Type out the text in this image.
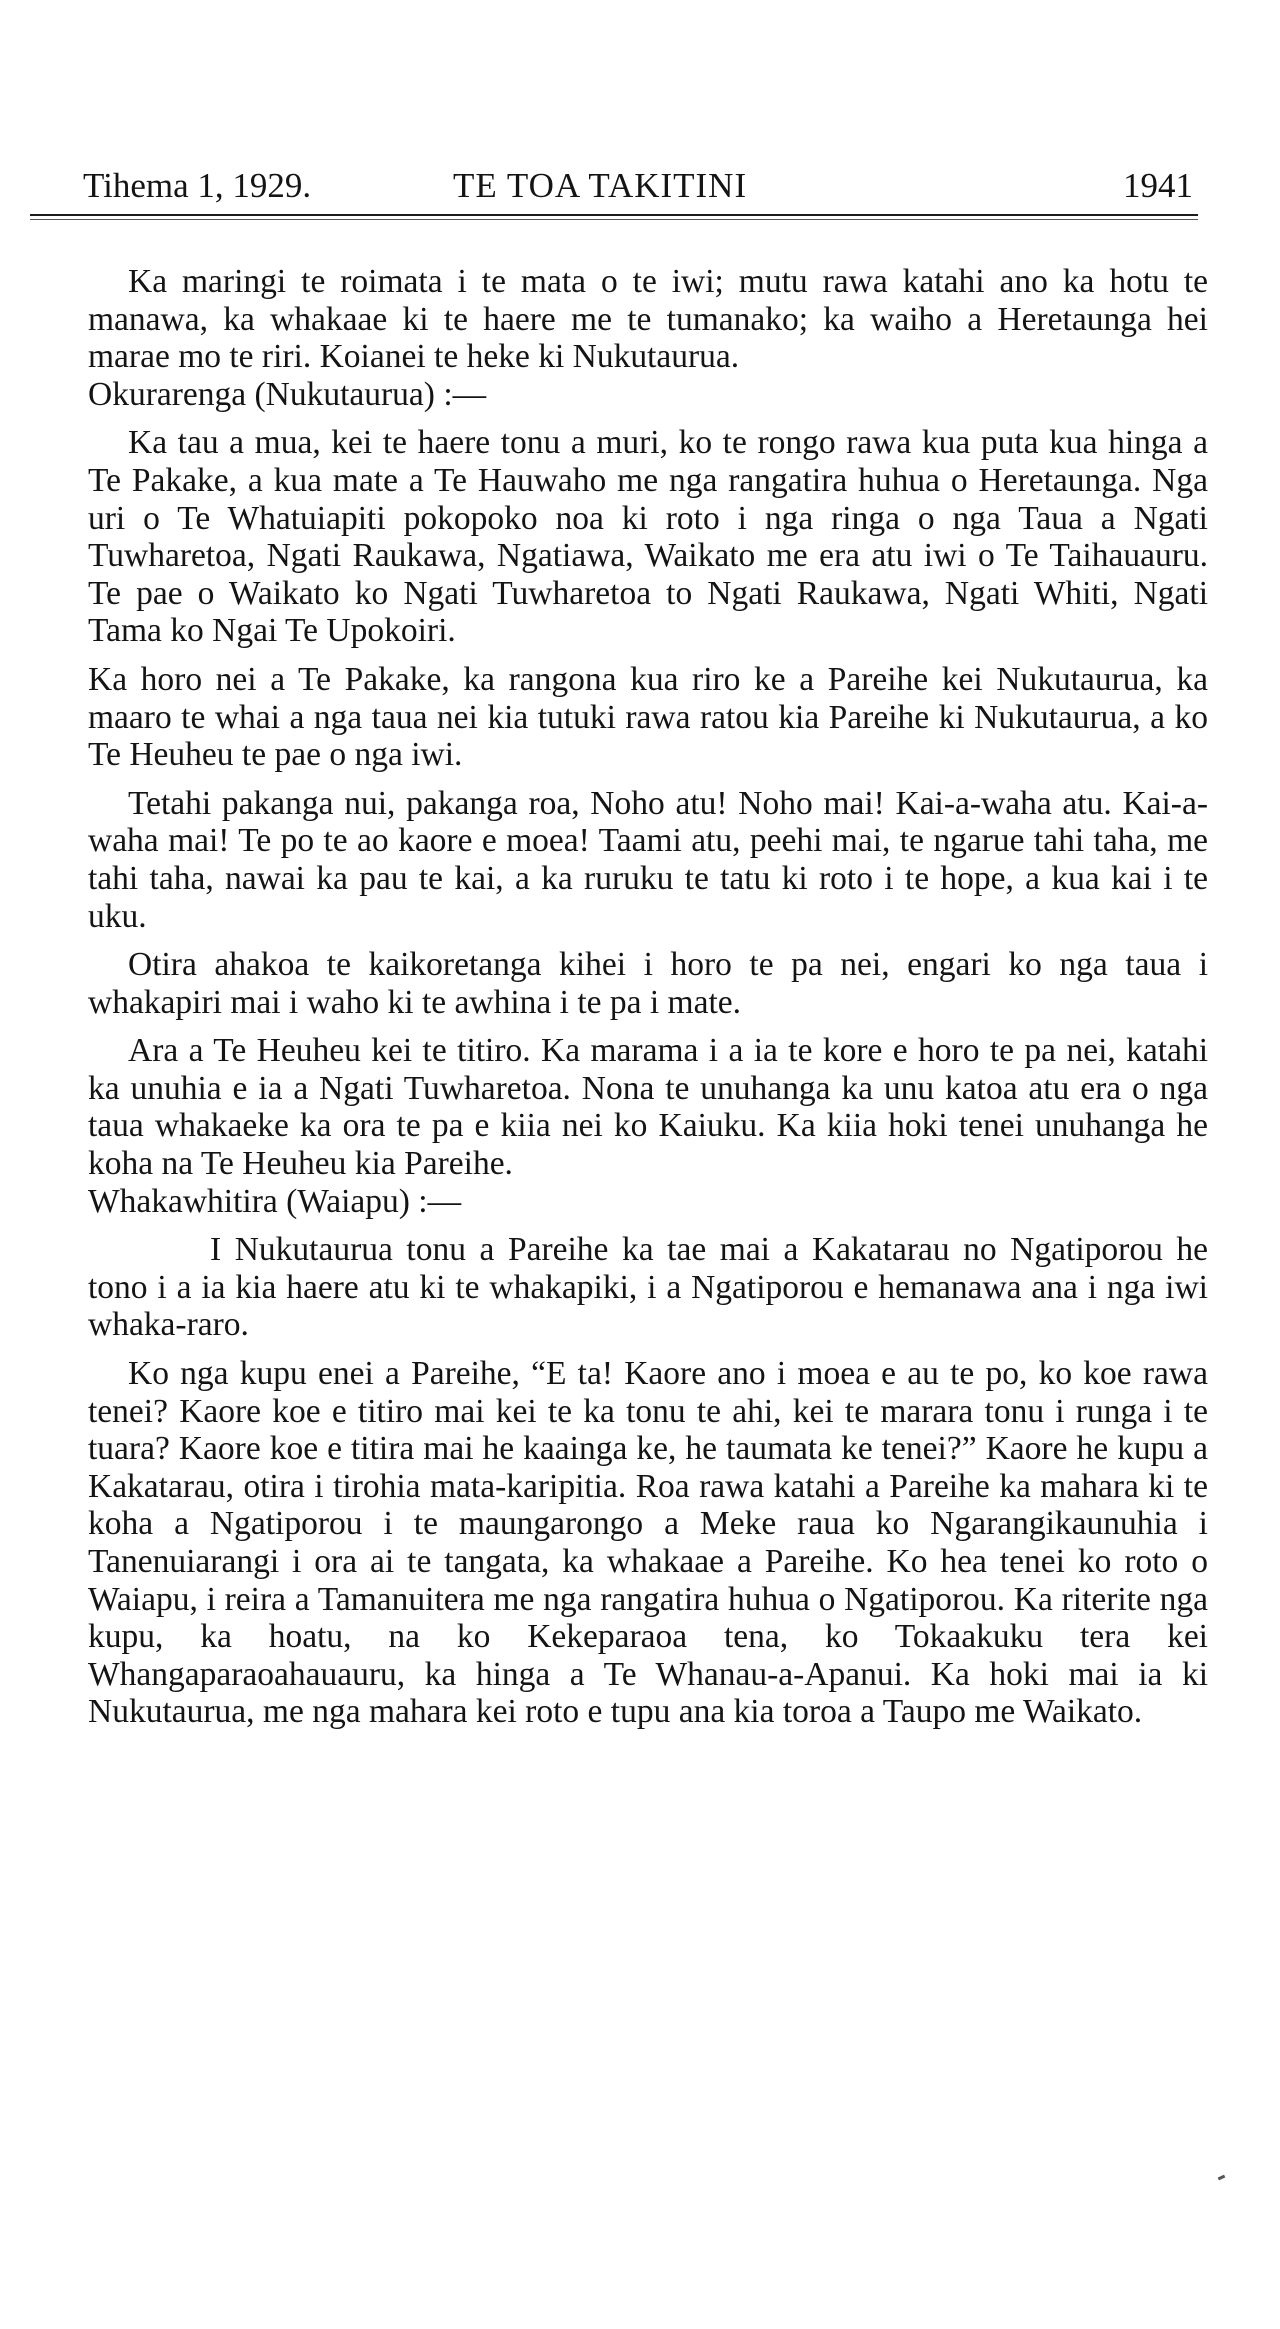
Tihema 1, 1929.	TE TOA TAKITINI	1941

Ka maringi te roimata i te mata o te iwi; mutu rawa katahi ano ka hotu te manawa, ka whakaae ki te haere me te tumanako; ka waiho a Heretaunga hei marae mo te riri. Koianei te heke ki Nukutaurua.

Okurarenga (Nukutaurua) :—

Ka tau a mua, kei te haere tonu a muri, ko te rongo rawa kua puta kua hinga a Te Pakake, a kua mate a Te Hauwaho me nga rangatira huhua o Heretaunga. Nga uri o Te Whatuiapiti pokopoko noa ki roto i nga ringa o nga Taua a Ngati Tuwharetoa, Ngati Raukawa, Ngatiawa, Waikato me era atu iwi o Te Taihauauru. Te pae o Waikato ko Ngati Tuwharetoa to Ngati Raukawa, Ngati Whiti, Ngati Tama ko Ngai Te Upokoiri.

Ka horo nei a Te Pakake, ka rangona kua riro ke a Pareihe kei Nukutaurua, ka maaro te whai a nga taua nei kia tutuki rawa ratou kia Pareihe ki Nukutaurua, a ko Te Heuheu te pae o nga iwi.

Tetahi pakanga nui, pakanga roa, Noho atu! Noho mai! Kai-a-waha atu. Kai-a-waha mai! Te po te ao kaore e moea! Taami atu, peehi mai, te ngarue tahi taha, me tahi taha, nawai ka pau te kai, a ka ruruku te tatu ki roto i te hope, a kua kai i te uku.

Otira ahakoa te kaikoretanga kihei i horo te pa nei, engari ko nga taua i whakapiri mai i waho ki te awhina i te pa i mate.

Ara a Te Heuheu kei te titiro. Ka marama i a ia te kore e horo te pa nei, katahi ka unuhia e ia a Ngati Tuwharetoa. Nona te unuhanga ka unu katoa atu era o nga taua whakaeke ka ora te pa e kiia nei ko Kaiuku. Ka kiia hoki tenei unuhanga he koha na Te Heuheu kia Pareihe.

Whakawhitira (Waiapu) :—

I Nukutaurua tonu a Pareihe ka tae mai a Kakatarau no Ngatiporou he tono i a ia kia haere atu ki te whakapiki, i a Ngatiporou e hemanawa ana i nga iwi whaka-raro.

Ko nga kupu enei a Pareihe, “E ta! Kaore ano i moea e au te po, ko koe rawa tenei? Kaore koe e titiro mai kei te ka tonu te ahi, kei te marara tonu i runga i te tuara? Kaore koe e titira mai he kaainga ke, he taumata ke tenei?” Kaore he kupu a Kakatarau, otira i tirohia mata-karipitia. Roa rawa katahi a Pareihe ka mahara ki te koha a Ngatiporou i te maungarongo a Meke raua ko Ngarangikaunuhia i Tanenuiarangi i ora ai te tangata, ka whakaae a Pareihe. Ko hea tenei ko roto o Waiapu, i reira a Tamanuitera me nga rangatira huhua o Ngatiporou. Ka riterite nga kupu, ka hoatu, na ko Kekeparaoa tena, ko Tokaakuku tera kei Whangaparaoahauauru, ka hinga a Te Whanau-a-Apanui. Ka hoki mai ia ki Nukutaurua, me nga mahara kei roto e tupu ana kia toroa a Taupo me Waikato.
